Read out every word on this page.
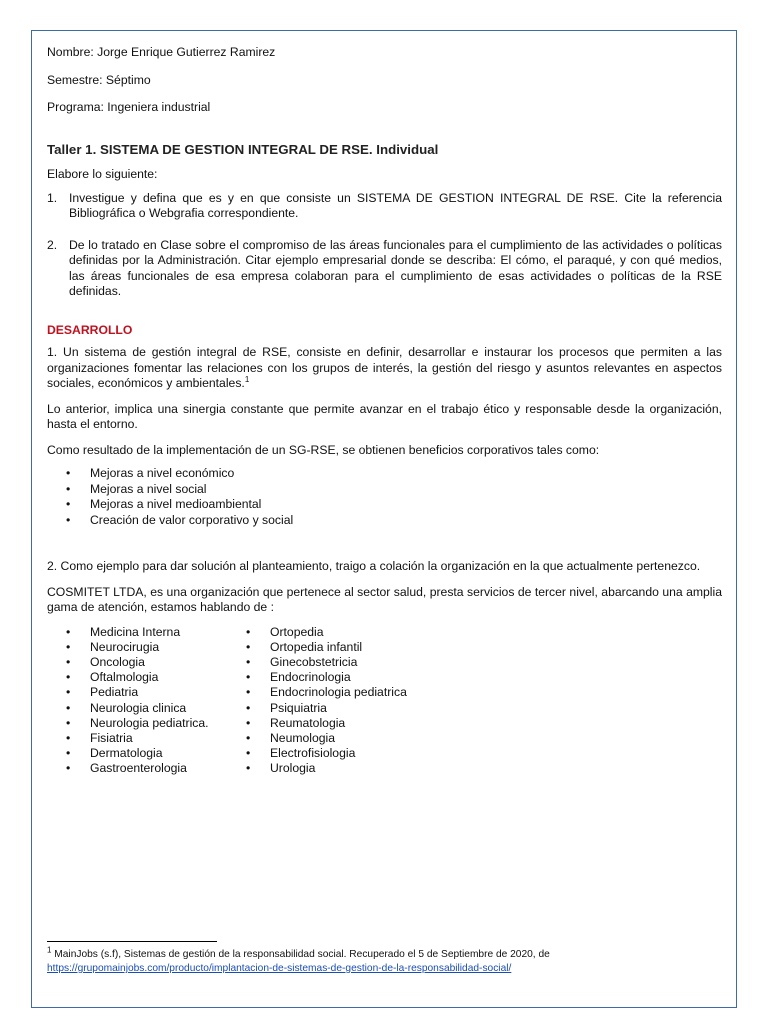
Nombre: Jorge Enrique Gutierrez Ramirez

Semestre: Séptimo

Programa: Ingeniera industrial

Taller 1. SISTEMA DE GESTION INTEGRAL DE RSE. Individual

Elabore lo siguiente:

1. Investigue y defina que es y en que consiste un SISTEMA DE GESTION INTEGRAL DE RSE. Cite la referencia Bibliográfica o Webgrafia correspondiente.
2. De lo tratado en Clase sobre el compromiso de las áreas funcionales para el cumplimiento de las actividades o políticas definidas por la Administración. Citar ejemplo empresarial donde se describa: El cómo, el paraqué, y con qué medios, las áreas funcionales de esa empresa colaboran para el cumplimiento de esas actividades o políticas de la RSE definidas.

DESARROLLO

1. Un sistema de gestión integral de RSE, consiste en definir, desarrollar e instaurar los procesos que permiten a las organizaciones fomentar las relaciones con los grupos de interés, la gestión del riesgo y asuntos relevantes en aspectos sociales, económicos y ambientales.$^1$

Lo anterior, implica una sinergia constante que permite avanzar en el trabajo ético y responsable desde la organización, hasta el entorno.

Como resultado de la implementación de un SG-RSE, se obtienen beneficios corporativos tales como:

• Mejoras a nivel económico
• Mejoras a nivel social
• Mejoras a nivel medioambiental
• Creación de valor corporativo y social

2. Como ejemplo para dar solución al planteamiento, traigo a colación la organización en la que actualmente pertenezco.

COSMITET LTDA, es una organización que pertenece al sector salud, presta servicios de tercer nivel, abarcando una amplia gama de atención, estamos hablando de :

• Medicina Interna
• Neurocirugia
• Oncologia
• Oftalmologia
• Pediatria
• Neurologia clinica
• Neurologia pediatrica.
• Fisiatria
• Dermatologia
• Gastroenterologia
• Ortopedia
• Ortopedia infantil
• Ginecobstetricia
• Endocrinologia
• Endocrinologia pediatrica
• Psiquiatria
• Reumatologia
• Neumologia
• Electrofisiologia
• Urologia
$^1$ MainJobs (s.f), Sistemas de gestión de la responsabilidad social. Recuperado el 5 de Septiembre de 2020, de
https://grupomainjobs.com/producto/implantacion-de-sistemas-de-gestion-de-la-responsabilidad-social/
